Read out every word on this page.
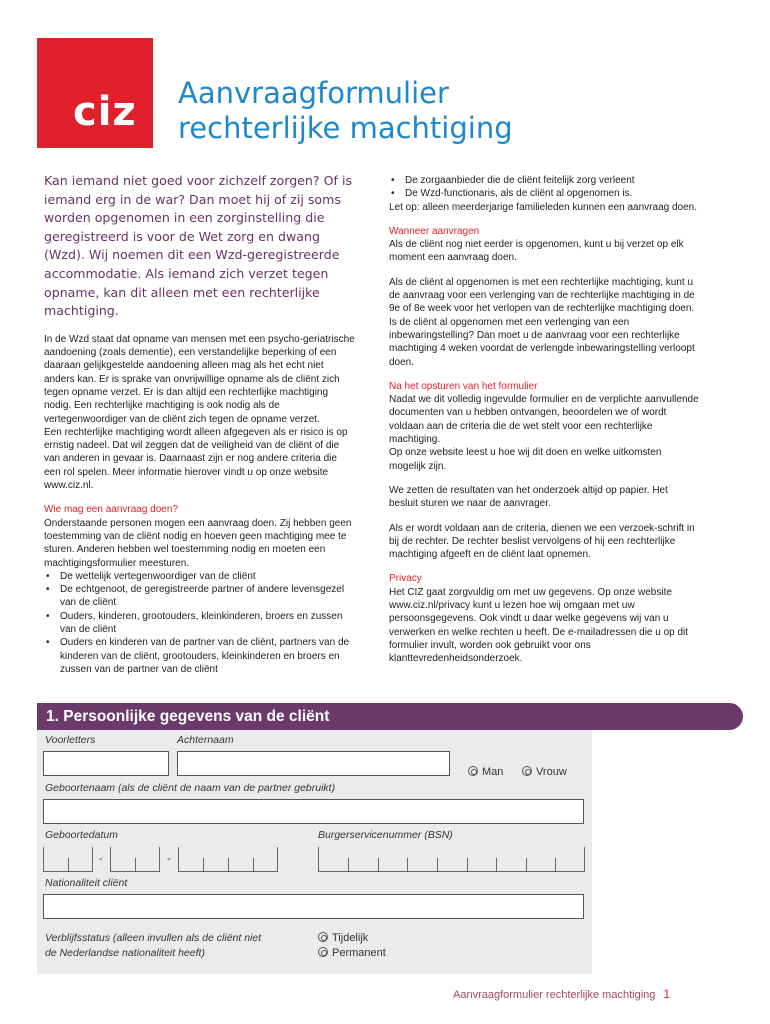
ciz Aanvraagformulier
rechterlijke machtiging

Kan iemand niet goed voor zichzelf zorgen? Of is iemand erg in de war? Dan moet hij of zij soms worden opgenomen in een zorginstelling die geregistreerd is voor de Wet zorg en dwang (Wzd). Wij noemen dit een Wzd-geregistreerde accommodatie. Als iemand zich verzet tegen opname, kan dit alleen met een rechterlijke machtiging.

In de Wzd staat dat opname van mensen met een psycho-geriatrische aandoening (zoals dementie), een verstandelijke beperking of een daaraan gelijkgestelde aandoening alleen mag als het echt niet anders kan. Er is sprake van onvrijwillige opname als de cliënt zich tegen opname verzet. Er is dan altijd een rechterlijke machtiging nodig. Een rechterlijke machtiging is ook nodig als de vertegenwoordiger van de cliënt zich tegen de opname verzet.

Een rechterlijke machtiging wordt alleen afgegeven als er risico is op ernstig nadeel. Dat wil zeggen dat de veiligheid van de cliënt of die van anderen in gevaar is. Daarnaast zijn er nog andere criteria die een rol spelen. Meer informatie hierover vindt u op onze website www.ciz.nl.

Wie mag een aanvraag doen?

Onderstaande personen mogen een aanvraag doen. Zij hebben geen toestemming van de cliënt nodig en hoeven geen machtiging mee te sturen. Anderen hebben wel toestemming nodig en moeten een machtigingsformulier meesturen.

• De wettelijk vertegenwoordiger van de cliënt
• De echtgenoot, de geregistreerde partner of andere levensgezel van de cliënt
• Ouders, kinderen, grootouders, kleinkinderen, broers en zussen van de cliënt
• Ouders en kinderen van de partner van de cliënt, partners van de kinderen van de cliënt, grootouders, kleinkinderen en broers en zussen van de partner van de cliënt
• De zorgaanbieder die de cliënt feitelijk zorg verleent
• De Wzd-functionaris, als de cliënt al opgenomen is.

Let op: alleen meerderjarige familieleden kunnen een aanvraag doen.

Wanneer aanvragen

Als de cliënt nog niet eerder is opgenomen, kunt u bij verzet op elk moment een aanvraag doen.

Als de cliënt al opgenomen is met een rechterlijke machtiging, kunt u de aanvraag voor een verlenging van de rechterlijke machtiging in de 9e of 8e week voor het verlopen van de rechterlijke machtiging doen.

Is de cliënt al opgenomen met een verlenging van een inbewaringstelling? Dan moet u de aanvraag voor een rechterlijke machtiging 4 weken voordat de verlengde inbewaringstelling verloopt doen.

Na het opsturen van het formulier

Nadat we dit volledig ingevulde formulier en de verplichte aanvullende documenten van u hebben ontvangen, beoordelen we of wordt voldaan aan de criteria die de wet stelt voor een rechterlijke machtiging.

Op onze website leest u hoe wij dit doen en welke uitkomsten mogelijk zijn.

We zetten de resultaten van het onderzoek altijd op papier. Het besluit sturen we naar de aanvrager.

Als er wordt voldaan aan de criteria, dienen we een verzoek-schrift in bij de rechter. De rechter beslist vervolgens of hij een rechterlijke machtiging afgeeft en de cliënt laat opnemen.

Privacy

Het CIZ gaat zorgvuldig om met uw gegevens. Op onze website www.ciz.nl/privacy kunt u lezen hoe wij omgaan met uw persoonsgegevens. Ook vindt u daar welke gegevens wij van u verwerken en welke rechten u heeft. De e-mailadressen die u op dit formulier invult, worden ook gebruikt voor ons klanttevredenheidsonderzoek.

1. Persoonlijke gegevens van de cliënt
Voorletters	Achternaam
Man	Vrouw
Geboortenaam (als de cliënt de naam van de partner gebruikt)
Geboortedatum	Burgerservicenummer (BSN)
-	-
Nationaliteit cliënt
Verblijfsstatus (alleen invullen als de cliënt niet de Nederlandse nationaliteit heeft)
Tijdelijk
Permanent
Aanvraagformulier rechterlijke machtiging 1
